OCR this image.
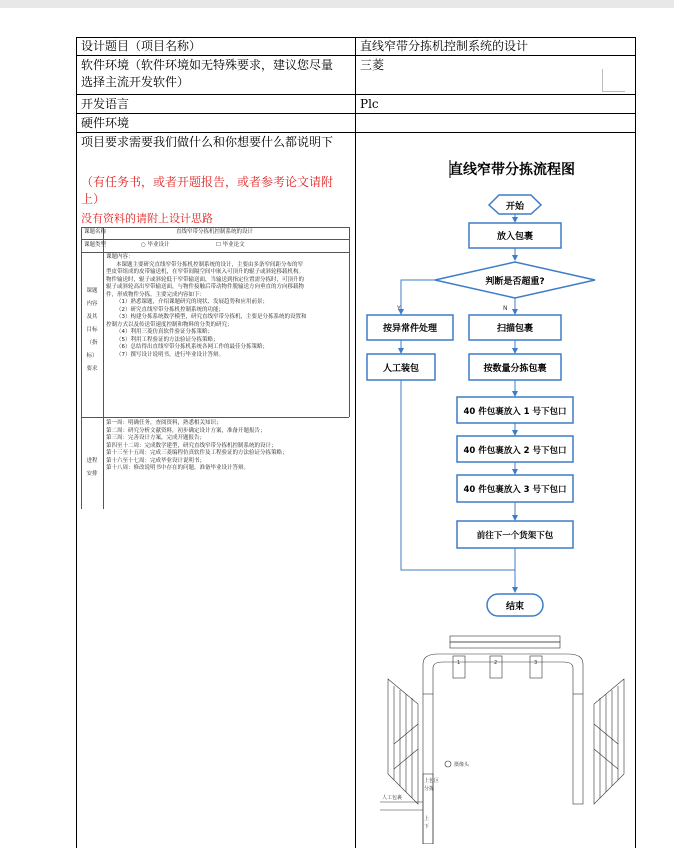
设计题目（项目名称）	直线窄带分拣机控制系统的设计
软件环境（软件环境如无特殊要求，建议您尽量
选择主流开发软件）
三菱
开发语言	Plc
硬件环境
项目要求需要我们做什么和你想要什么都说明下
（有任务书，或者开题报告，或者参考论文请附上）
没有资料的请附上设计思路
课题名称	直线窄带分拣机控制系统的设计
课题类型	○ 毕业设计	☐ 毕业论文
课题
内容
及其
目标
（指
标）
要求
课题内容：
本课题主要研究直线窄带分拣机控制系统的设计，主要由多条窄间距分布的窄
型皮带组成的皮带输送机，在窄带间隔空间中嵌入可顶升的辊子或斜轮移载机构。
物件输送时，辊子或斜轮低于窄带输送面，当输送到指定位置需分拣时，可顶升的
辊子或斜轮高出窄带输送面，与物件接触后带动物件脱输送方向垂直的方向移载物
件，形成物件分拣。主要完成内容如下：
（1）熟悉课题，介绍课题研究的现状、发展趋势和应用前景；
（2）研究直线窄带分拣机控制系统的功能；
（3）构建分拣系统数学模型，研究直线窄带分拣机，主要是分拣系统的设置和
控制方式以及传送带速度控制和物料的分类的研究；
（4）利用三菱仿真软件验证分拣策略；
（5）利用工程验证的方法验证分拣策略；
（6）总结得出直线窄带分拣机系统各网工作的最佳分拣策略；
（7）撰写设计说明书，进行毕业设计答辩。
进程
安排
第一周：明确任务，查阅资料，熟悉相关知识；
第二周：研究分析文献资料，初步确定设计方案，准备开题报告；
第三周：完善设计方案，完成开题报告；
第四至十二周：完成数学建型，研究直线窄带分拣机控制系统的设计；
第十三至十五周：完成三菱编程仿真软件及工程验证的方法验证分拣策略；
第十六至十七周：完成毕业设计说明书；
第十八周：修改说明书中存在的问题，准备毕业设计答辩。
直线窄带分拣流程图
开始
放入包裹
判断是否超重?
Y	N
按异常件处理	扫描包裹
人工装包	按数量分拣包裹
40 件包裹放入 1 号下包口
40 件包裹放入 2 号下包口
40 件包裹放入 3 号下包口
前往下一个货架下包
结束
1	2	3
上包区
分拣
人工包裹
摄像头
上
下
